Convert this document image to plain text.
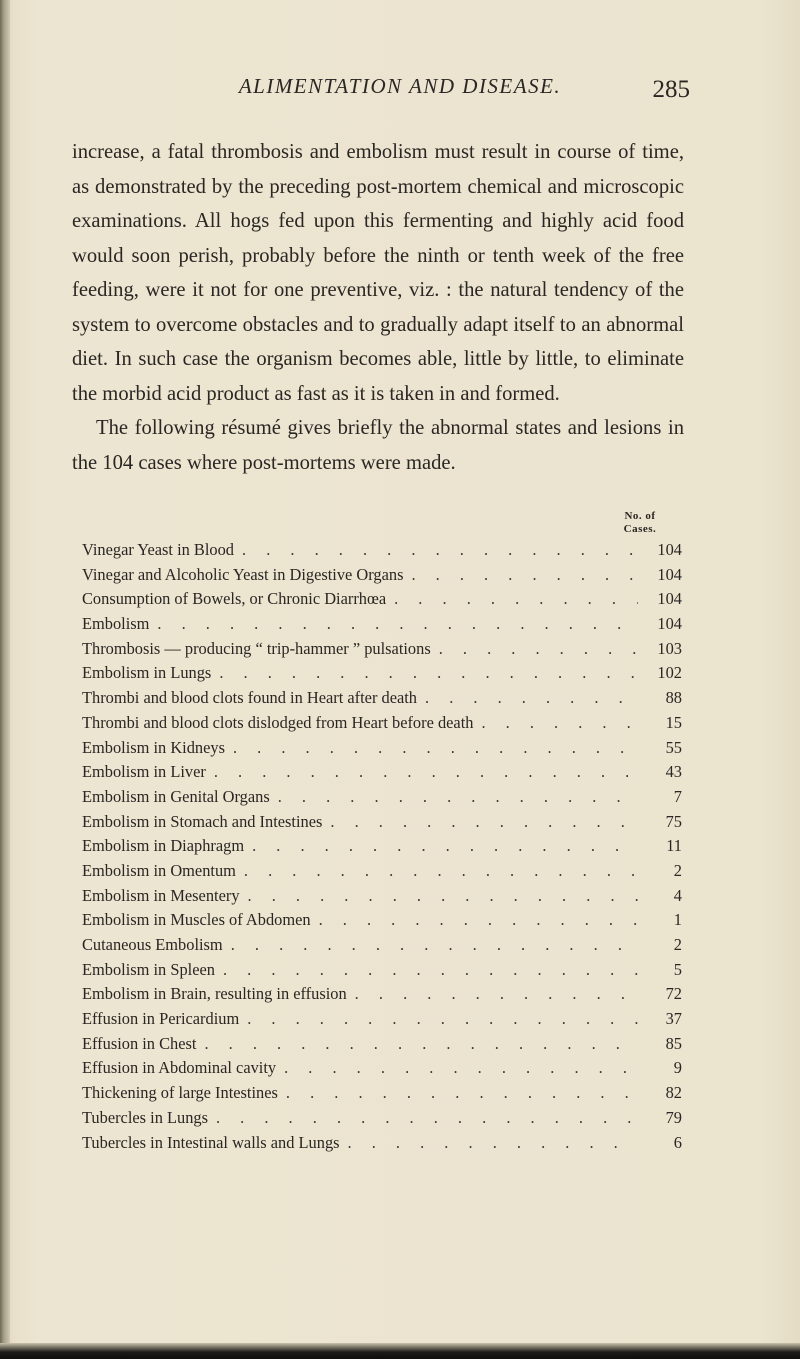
ALIMENTATION AND DISEASE.	285

increase, a fatal thrombosis and embolism must result in course of time, as demonstrated by the preceding post-mortem chemical and microscopic examinations. All hogs fed upon this fermenting and highly acid food would soon perish, probably before the ninth or tenth week of the free feeding, were it not for one preventive, viz. : the natural tendency of the system to overcome obstacles and to gradually adapt itself to an abnormal diet. In such case the organism becomes able, little by little, to eliminate the morbid acid product as fast as it is taken in and formed.

The following résumé gives briefly the abnormal states and lesions in the 104 cases where post-mortems were made.

No. of
Cases.
Vinegar Yeast in Blood . . .	104
Vinegar and Alcoholic Yeast in Digestive Organs . . .	104
Consumption of Bowels, or Chronic Diarrhœa . . .	104
Embolism . . .	104
Thrombosis — producing “ trip-hammer ” pulsations . . .	103
Embolism in Lungs . . .	102
Thrombi and blood clots found in Heart after death . . .	88
Thrombi and blood clots dislodged from Heart before death . . .	15
Embolism in Kidneys . . .	55
Embolism in Liver . . .	43
Embolism in Genital Organs . . .	7
Embolism in Stomach and Intestines . . .	75
Embolism in Diaphragm . . .	11
Embolism in Omentum . . .	2
Embolism in Mesentery . . .	4
Embolism in Muscles of Abdomen . . .	1
Cutaneous Embolism . . .	2
Embolism in Spleen . . .	5
Embolism in Brain, resulting in effusion . . .	72
Effusion in Pericardium . . .	37
Effusion in Chest . . .	85
Effusion in Abdominal cavity . . .	9
Thickening of large Intestines . . .	82
Tubercles in Lungs . . .	79
Tubercles in Intestinal walls and Lungs . . .	6
